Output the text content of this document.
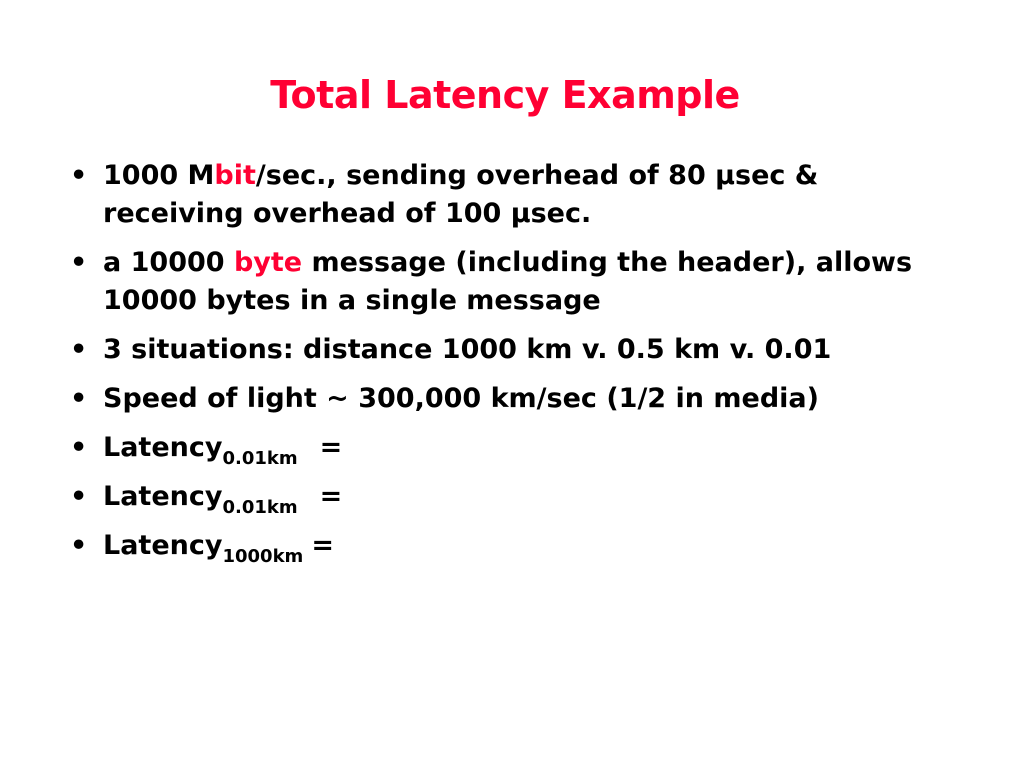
Total Latency Example
• 1000 Mbit/sec., sending overhead of 80 µsec &
receiving overhead of 100 µsec.
• a 10000 byte message (including the header), allows
10000 bytes in a single message
• 3 situations: distance 1000 km v. 0.5 km v. 0.01
• Speed of light ~ 300,000 km/sec (1/2 in media)
• Latency$_{0.01km}$ =
• Latency$_{0.01km}$ =
• Latency$_{1000km}$ =
